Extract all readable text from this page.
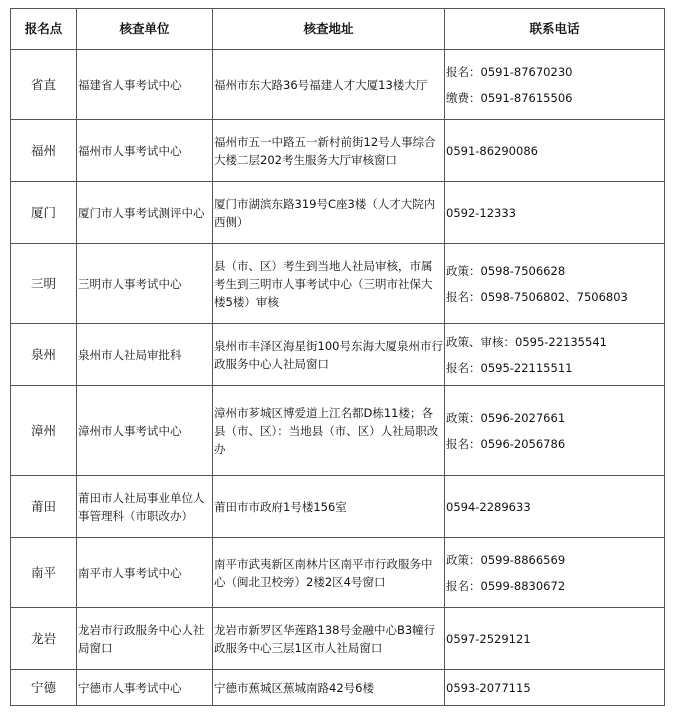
报名点	核查单位	核查地址	联系电话
省直	福建省人事考试中心	福州市东大路36号福建人才大厦13楼大厅	报名：0591-87670230
缴费：0591-87615506

福州	福州市人事考试中心	福州市五一中路五一新村前街12号人事综合大楼二层202考生服务大厅审核窗口	0591-86290086

厦门	厦门市人事考试测评中心	厦门市湖滨东路319号C座3楼（人才大院内西侧）	0592-12333

三明	三明市人事考试中心	县（市、区）考生到当地人社局审核，市属考生到三明市人事考试中心（三明市社保大楼5楼）审核	政策：0598-7506628
报名：0598-7506802、7506803

泉州	泉州市人社局审批科	泉州市丰泽区海星街100号东海大厦泉州市行政服务中心人社局窗口	政策、审核：0595-22135541
报名：0595-22115511

漳州	漳州市人事考试中心	漳州市芗城区博爱道上江名都D栋11楼；各县（市、区）：当地县（市、区）人社局职改办	政策：0596-2027661
报名：0596-2056786

莆田	莆田市人社局事业单位人事管理科（市职改办）	莆田市市政府1号楼156室	0594-2289633

南平	南平市人事考试中心	南平市武夷新区南林片区南平市行政服务中心（闽北卫校旁）2楼2区4号窗口	政策：0599-8866569
报名：0599-8830672

龙岩	龙岩市行政服务中心人社局窗口	龙岩市新罗区华莲路138号金融中心B3幢行政服务中心三层1区市人社局窗口	0597-2529121

宁德	宁德市人事考试中心	宁德市蕉城区蕉城南路42号6楼	0593-2077115
